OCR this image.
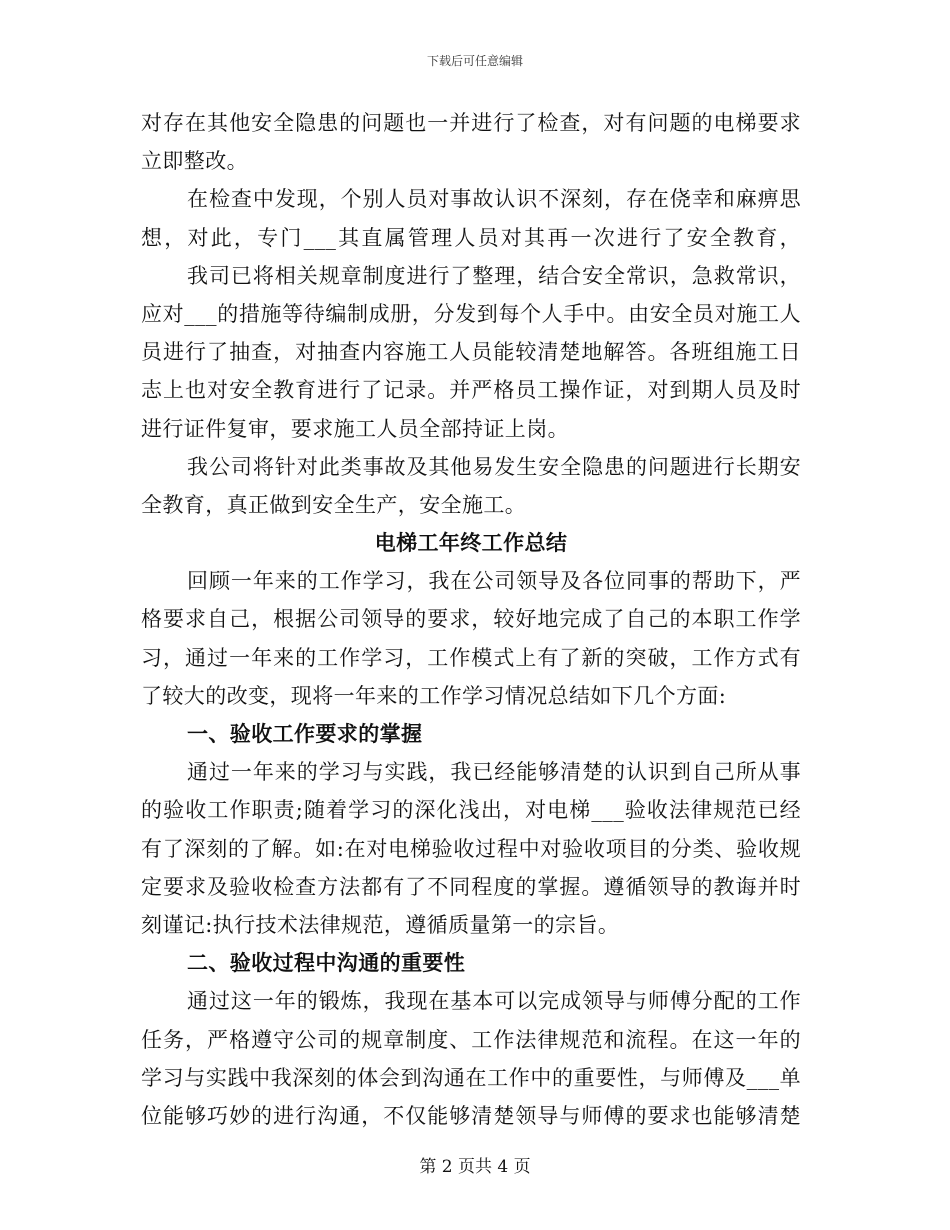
下载后可任意编辑
对存在其他安全隐患的问题也一并进行了检查，对有问题的电梯要求
立即整改。
在检查中发现，个别人员对事故认识不深刻，存在侥幸和麻痹思
想，对此，专门___其直属管理人员对其再一次进行了安全教育，
我司已将相关规章制度进行了整理，结合安全常识，急救常识，
应对___的措施等待编制成册，分发到每个人手中。由安全员对施工人
员进行了抽查，对抽查内容施工人员能较清楚地解答。各班组施工日
志上也对安全教育进行了记录。并严格员工操作证，对到期人员及时
进行证件复审，要求施工人员全部持证上岗。
我公司将针对此类事故及其他易发生安全隐患的问题进行长期安
全教育，真正做到安全生产，安全施工。
电梯工年终工作总结
回顾一年来的工作学习，我在公司领导及各位同事的帮助下，严
格要求自己，根据公司领导的要求，较好地完成了自己的本职工作学
习，通过一年来的工作学习，工作模式上有了新的突破，工作方式有
了较大的改变，现将一年来的工作学习情况总结如下几个方面:
一、验收工作要求的掌握
通过一年来的学习与实践，我已经能够清楚的认识到自己所从事
的验收工作职责;随着学习的深化浅出，对电梯___验收法律规范已经
有了深刻的了解。如:在对电梯验收过程中对验收项目的分类、验收规
定要求及验收检查方法都有了不同程度的掌握。遵循领导的教诲并时
刻谨记:执行技术法律规范，遵循质量第一的宗旨。
二、验收过程中沟通的重要性
通过这一年的锻炼，我现在基本可以完成领导与师傅分配的工作
任务，严格遵守公司的规章制度、工作法律规范和流程。在这一年的
学习与实践中我深刻的体会到沟通在工作中的重要性，与师傅及___单
位能够巧妙的进行沟通，不仅能够清楚领导与师傅的要求也能够清楚
第 2 页共 4 页
